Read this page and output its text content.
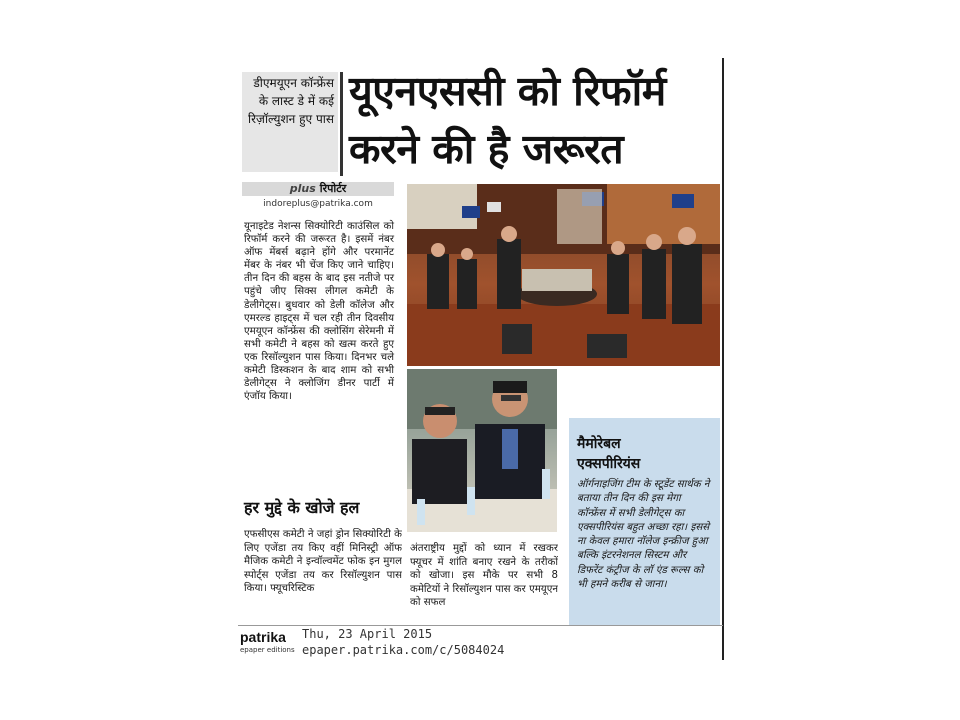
डीएमयूएन कॉन्फ्रेंस के लास्ट डे में कई रिज़ॉल्युशन हुए पास
यूएनएससी को रिफॉर्म
करने की है जरूरत
plus रिपोर्टर
indoreplus@patrika.com
यूनाइटेड नेशन्स सिक्योरिटी काउंसिल को रिफॉर्म करने की जरूरत है। इसमें नंबर ऑफ मेंबर्स बढ़ाने होंगे और परमानेंट मेंबर के नंबर भी चेंज किए जाने चाहिए। तीन दिन की बहस के बाद इस नतीजे पर पहुंचे जीए सिक्स लीगल कमेटी के डेलीगेट्स। बुधवार को डेली कॉलेज और एमरल्ड हाइट्स में चल रही तीन दिवसीय एमयूएन कॉन्फ्रेंस की क्लोसिंग सेरेमनी में सभी कमेटी ने बहस को खत्म करते हुए एक रिसॉल्युशन पास किया। दिनभर चले कमेटी डिस्कशन के बाद शाम को सभी डेलीगेट्स ने क्लोजिंग डीनर पार्टी में एंजॉय किया।
हर मुद्दे के खोजे हल
एफसीएस कमेटी ने जहां ड्रोन सिक्योरिटी के लिए एजेंडा तय किए वहीं मिनिस्ट्री ऑफ मैजिक कमेटी ने इन्वॉल्वमेंट फोक इन मुगल स्पोर्ट्स एजेंडा तय कर रिसॉल्युशन पास किया। फ्यूचरिस्टिक
अंतराष्ट्रीय मुद्दों को ध्यान में रखकर फ्यूचर में शांति बनाए रखने के तरीकों को खोजा। इस मौके पर सभी 8 कमेटियों ने रिसॉल्युशन पास कर एमयूएन को सफल
मैमोरेबल
एक्सपीरियंस
ऑर्गनाइजिंग टीम के स्टूडेंट सार्थक ने बताया तीन दिन की इस मेगा कॉन्फ्रेंस में सभी डेलीगेट्स का एक्सपीरियंस बहुत अच्छा रहा। इससे ना केवल हमारा नॉलेज इन्क्रीज हुआ बल्कि इंटरनेशनल सिस्टम और डिफरेंट कंट्रीज के लॉ एंड रूल्स को भी हमने करीब से जाना।
patrika
epaper editions
Thu, 23 April 2015
epaper.patrika.com/c/5084024
